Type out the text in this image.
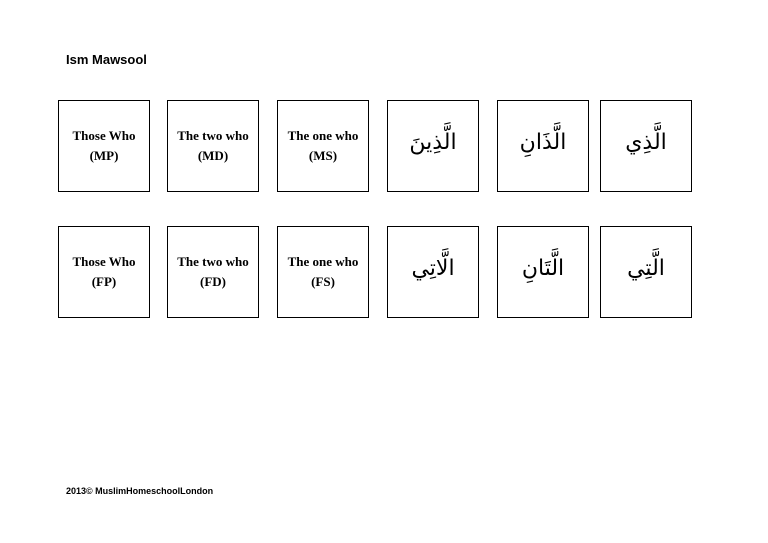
Ism Mawsool
Those Who
(MP)
The two who
(MD)
The one who
(MS)
الَّذِينَ	الَّذَانِ	الَّذِي
Those Who
(FP)
The two who
(FD)
The one who
(FS)
الَّاتِي	الَّتَانِ	الَّتِي
2013© MuslimHomeschoolLondon
